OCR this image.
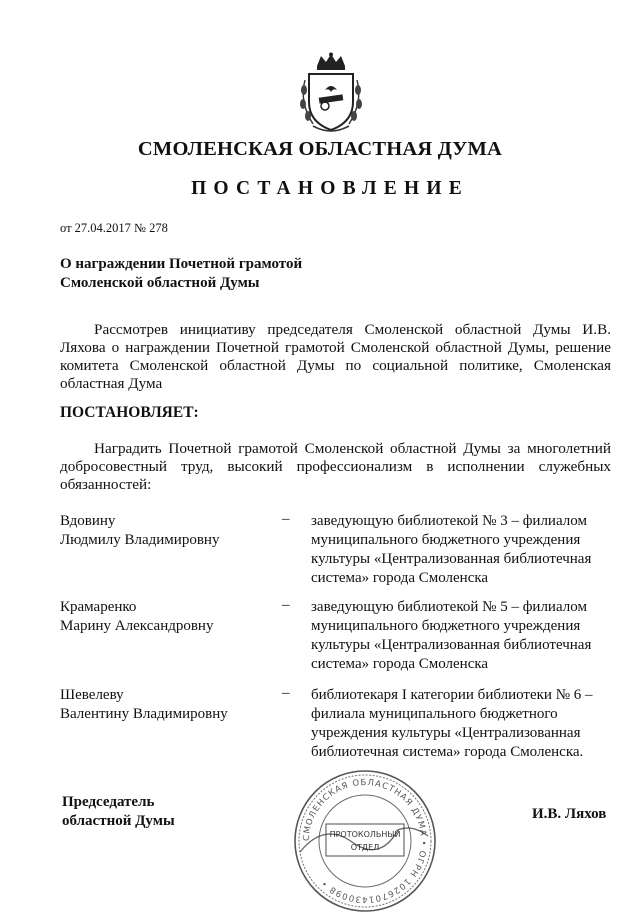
СМОЛЕНСКАЯ ОБЛАСТНАЯ ДУМА
ПОСТАНОВЛЕНИЕ
от 27.04.2017 № 278
О награждении Почетной грамотой
Смоленской областной Думы
Рассмотрев инициативу председателя Смоленской областной Думы И.В. Ляхова о награждении Почетной грамотой Смоленской областной Думы, решение комитета Смоленской областной Думы по социальной политике, Смоленская областная Дума
ПОСТАНОВЛЯЕТ:
Наградить Почетной грамотой Смоленской областной Думы за многолетний добросовестный труд, высокий профессионализм в исполнении служебных обязанностей:
Вдовину
Людмилу Владимировну
– заведующую библиотекой № 3 – филиалом
муниципального бюджетного учреждения
культуры «Централизованная библиотечная
система» города Смоленска
Крамаренко
Марину Александровну
– заведующую библиотекой № 5 – филиалом
муниципального бюджетного учреждения
культуры «Централизованная библиотечная
система» города Смоленска
Шевелеву
Валентину Владимировну
– библиотекаря I категории библиотеки № 6 –
филиала муниципального бюджетного
учреждения культуры «Централизованная
библиотечная система» города Смоленска.
Председатель
областной Думы
СМОЛЕНСКАЯ ОБЛАСТНАЯ ДУМА • ОГРН 1026701430098 •
ПРОТОКОЛЬНЫЙ
ОТДЕЛ
И.В. Ляхов
